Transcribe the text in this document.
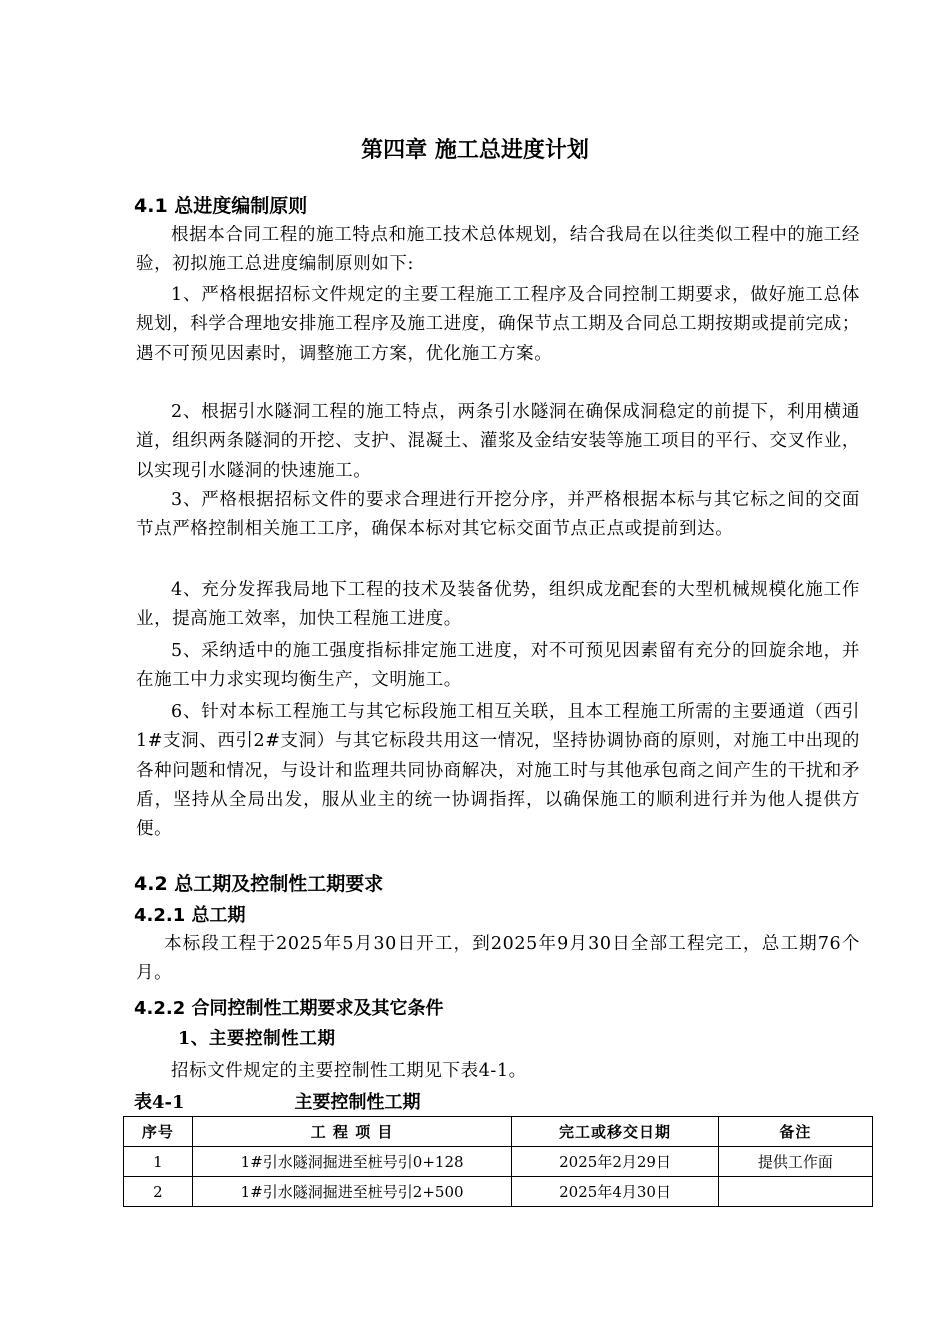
第四章 施工总进度计划
4.1 总进度编制原则

根据本合同工程的施工特点和施工技术总体规划，结合我局在以往类似工程中的施工经验，初拟施工总进度编制原则如下:

1、严格根据招标文件规定的主要工程施工工程序及合同控制工期要求，做好施工总体规划，科学合理地安排施工程序及施工进度，确保节点工期及合同总工期按期或提前完成；遇不可预见因素时，调整施工方案，优化施工方案。

2、根据引水隧洞工程的施工特点，两条引水隧洞在确保成洞稳定的前提下，利用横通道，组织两条隧洞的开挖、支护、混凝土、灌浆及金结安装等施工项目的平行、交叉作业，以实现引水隧洞的快速施工。

3、严格根据招标文件的要求合理进行开挖分序，并严格根据本标与其它标之间的交面节点严格控制相关施工工序，确保本标对其它标交面节点正点或提前到达。

4、充分发挥我局地下工程的技术及装备优势，组织成龙配套的大型机械规模化施工作业，提高施工效率，加快工程施工进度。

5、采纳适中的施工强度指标排定施工进度，对不可预见因素留有充分的回旋余地，并在施工中力求实现均衡生产，文明施工。

6、针对本标工程施工与其它标段施工相互关联，且本工程施工所需的主要通道（西引1#支洞、西引2#支洞）与其它标段共用这一情况，坚持协调协商的原则，对施工中出现的各种问题和情况，与设计和监理共同协商解决，对施工时与其他承包商之间产生的干扰和矛盾，坚持从全局出发，服从业主的统一协调指挥，以确保施工的顺利进行并为他人提供方便。

4.2 总工期及控制性工期要求
4.2.1 总工期

本标段工程于2025年5月30日开工，到2025年9月30日全部工程完工，总工期76个月。

4.2.2 合同控制性工期要求及其它条件
1、主要控制性工期

招标文件规定的主要控制性工期见下表4-1。

表4-1	主要控制性工期
序号	工 程 项 目	完工或移交日期	备注
1	1#引水隧洞掘进至桩号引0+128	2025年2月29日	提供工作面
2	1#引水隧洞掘进至桩号引2+500	2025年4月30日	
